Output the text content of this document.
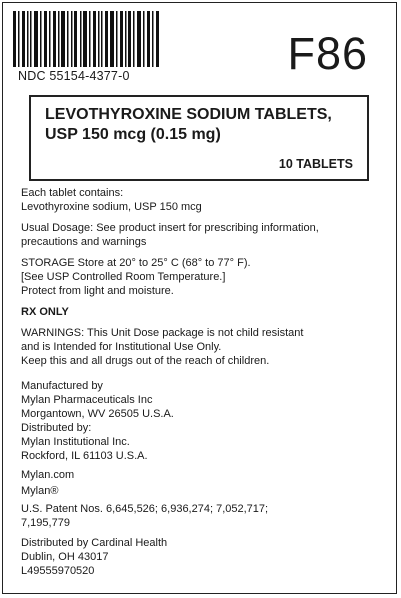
NDC 55154-4377-0	F86
LEVOTHYROXINE SODIUM TABLETS,
USP 150 mcg (0.15 mg)
10 TABLETS
Each tablet contains:
Levothyroxine sodium, USP 150 mcg
Usual Dosage: See product insert for prescribing information,
precautions and warnings
STORAGE Store at 20° to 25° C (68° to 77° F).
[See USP Controlled Room Temperature.]
Protect from light and moisture.
RX ONLY
WARNINGS: This Unit Dose package is not child resistant
and is Intended for Institutional Use Only.
Keep this and all drugs out of the reach of children.
Manufactured by
Mylan Pharmaceuticals Inc
Morgantown, WV 26505 U.S.A.
Distributed by:
Mylan Institutional Inc.
Rockford, IL 61103 U.S.A.
Mylan.com
Mylan®
U.S. Patent Nos. 6,645,526; 6,936,274; 7,052,717;
7,195,779
Distributed by Cardinal Health
Dublin, OH 43017
L49555970520
